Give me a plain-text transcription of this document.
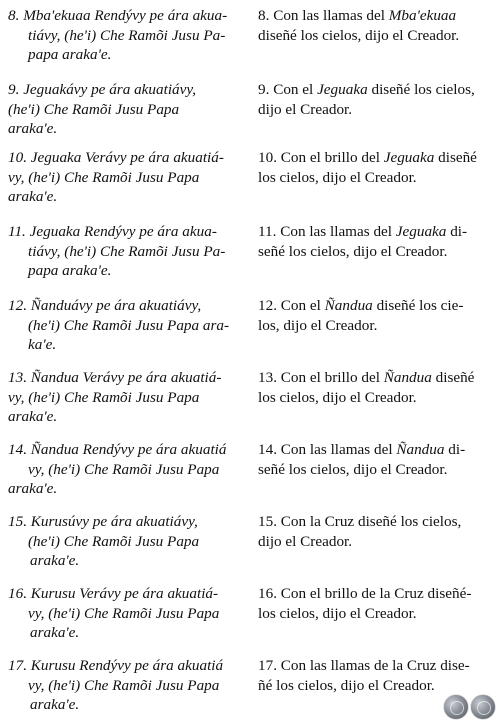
8. Mba'ekuaa Rendývy pe ára akua-
tiávy, (he'i) Che Ramõi Jusu Pa-
papa araka'e.
8. Con las llamas del Mba'ekuaa
diseñé los cielos, dijo el Creador.
9. Jeguakávy pe ára akuatiávy,
(he'i) Che Ramõi Jusu Papa
araka'e.
9. Con el Jeguaka diseñé los cielos,
dijo el Creador.
10. Jeguaka Verávy pe ára akuatiá-
vy, (he'i) Che Ramõi Jusu Papa
araka'e.
10. Con el brillo del Jeguaka diseñé
los cielos, dijo el Creador.
11. Jeguaka Rendývy pe ára akua-
tiávy, (he'i) Che Ramõi Jusu Pa-
papa araka'e.
11. Con las llamas del Jeguaka di-
señé los cielos, dijo el Creador.
12. Ñanduávy pe ára akuatiávy,
(he'i) Che Ramõi Jusu Papa ara-
ka'e.
12. Con el Ñandua diseñé los cie-
los, dijo el Creador.
13. Ñandua Verávy pe ára akuatiá-
vy, (he'i) Che Ramõi Jusu Papa
araka'e.
13. Con el brillo del Ñandua diseñé
los cielos, dijo el Creador.
14. Ñandua Rendývy pe ára akuatiá
vy, (he'i) Che Ramõi Jusu Papa
araka'e.
14. Con las llamas del Ñandua di-
señé los cielos, dijo el Creador.
15. Kurusúvy pe ára akuatiávy,
(he'i) Che Ramõi Jusu Papa
araka'e.
15. Con la Cruz diseñé los cielos,
dijo el Creador.
16. Kurusu Verávy pe ára akuatiá-
vy, (he'i) Che Ramõi Jusu Papa
araka'e.
16. Con el brillo de la Cruz diseñé-
los cielos, dijo el Creador.
17. Kurusu Rendývy pe ára akuatiá
vy, (he'i) Che Ramõi Jusu Papa
araka'e.
17. Con las llamas de la Cruz dise-
ñé los cielos, dijo el Creador.
